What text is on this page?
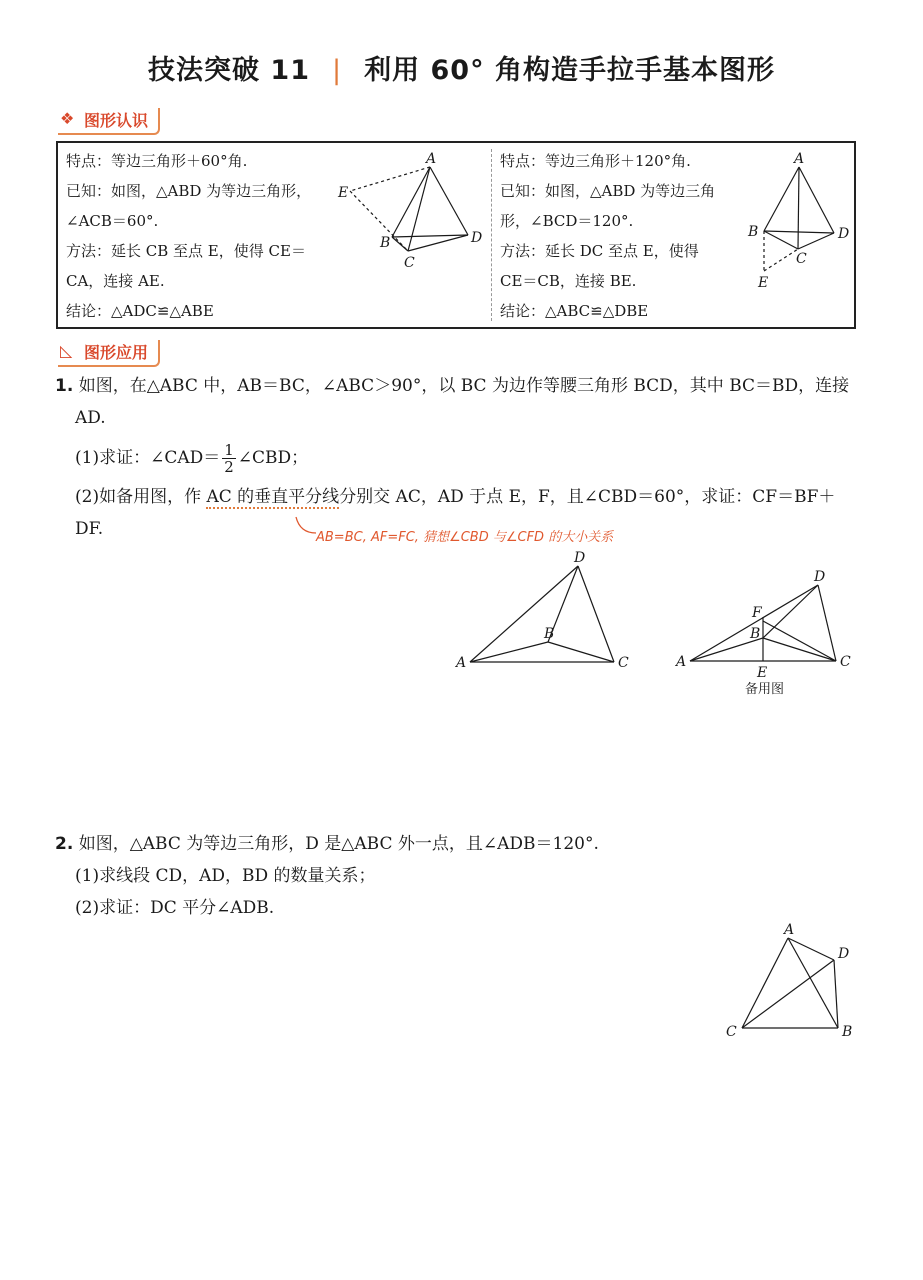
技法突破 11 | 利用 60° 角构造手拉手基本图形
❖ 图形认识
特点：等边三角形＋60°角.
已知：如图，△ABD 为等边三角形，
∠ACB＝60°.
方法：延长 CB 至点 E，使得 CE＝
CA，连接 AE.
结论：△ADC≌△ABE
特点：等边三角形＋120°角.
已知：如图，△ABD 为等边三角
形，∠BCD＝120°.
方法：延长 DC 至点 E，使得
CE＝CB，连接 BE.
结论：△ABC≌△DBE
A
E
B
C
D
A
B	D
C
E
◺ 图形应用
1. 如图，在△ABC 中，AB＝BC，∠ABC＞90°，以 BC 为边作等腰三角形 BCD，其中 BC＝BD，连接
AD.
(1)求证：∠CAD＝ $\frac{1}{2}$ ∠CBD；
(2)如备用图，作 AC 的垂直平分线分别交 AC，AD 于点 E，F，且∠CBD＝60°，求证：CF＝BF＋
DF.	AB=BC, AF=FC, 猜想∠CBD 与∠CFD 的大小关系
D
B
A	C
D
F
B
A	C
E
备用图
2. 如图，△ABC 为等边三角形，D 是△ABC 外一点，且∠ADB＝120°.
(1)求线段 CD，AD，BD 的数量关系；
(2)求证：DC 平分∠ADB.
A
D
C	B
